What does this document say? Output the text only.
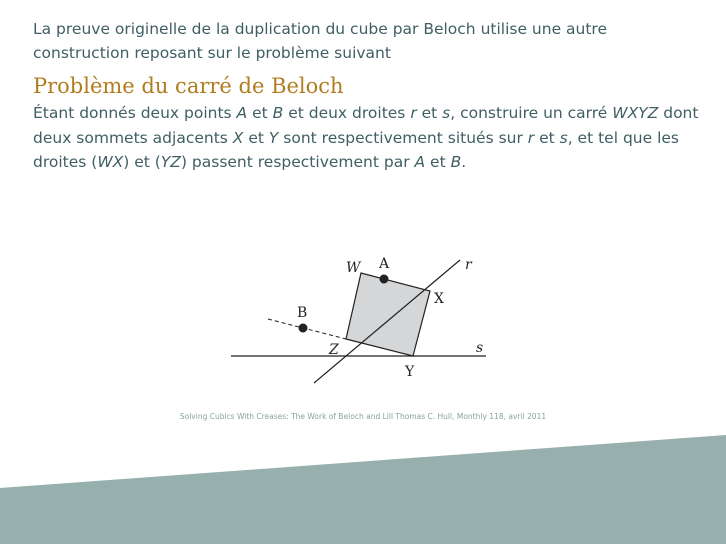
La preuve originelle de la duplication du cube par Beloch utilise une autre
construction reposant sur le problème suivant
Problème du carré de Beloch
Étant donnés deux points A et B et deux droites r et s, construire un carré WXYZ dont deux sommets adjacents X et Y sont respectivement situés sur r et s, et tel que les droites (WX) et (YZ) passent respectivement par A et B.
W A	r
X
B
Z	s
Y
Solving Cubics With Creases: The Work of Beloch and Lill Thomas C. Hull, Monthly 118, avril 2011
